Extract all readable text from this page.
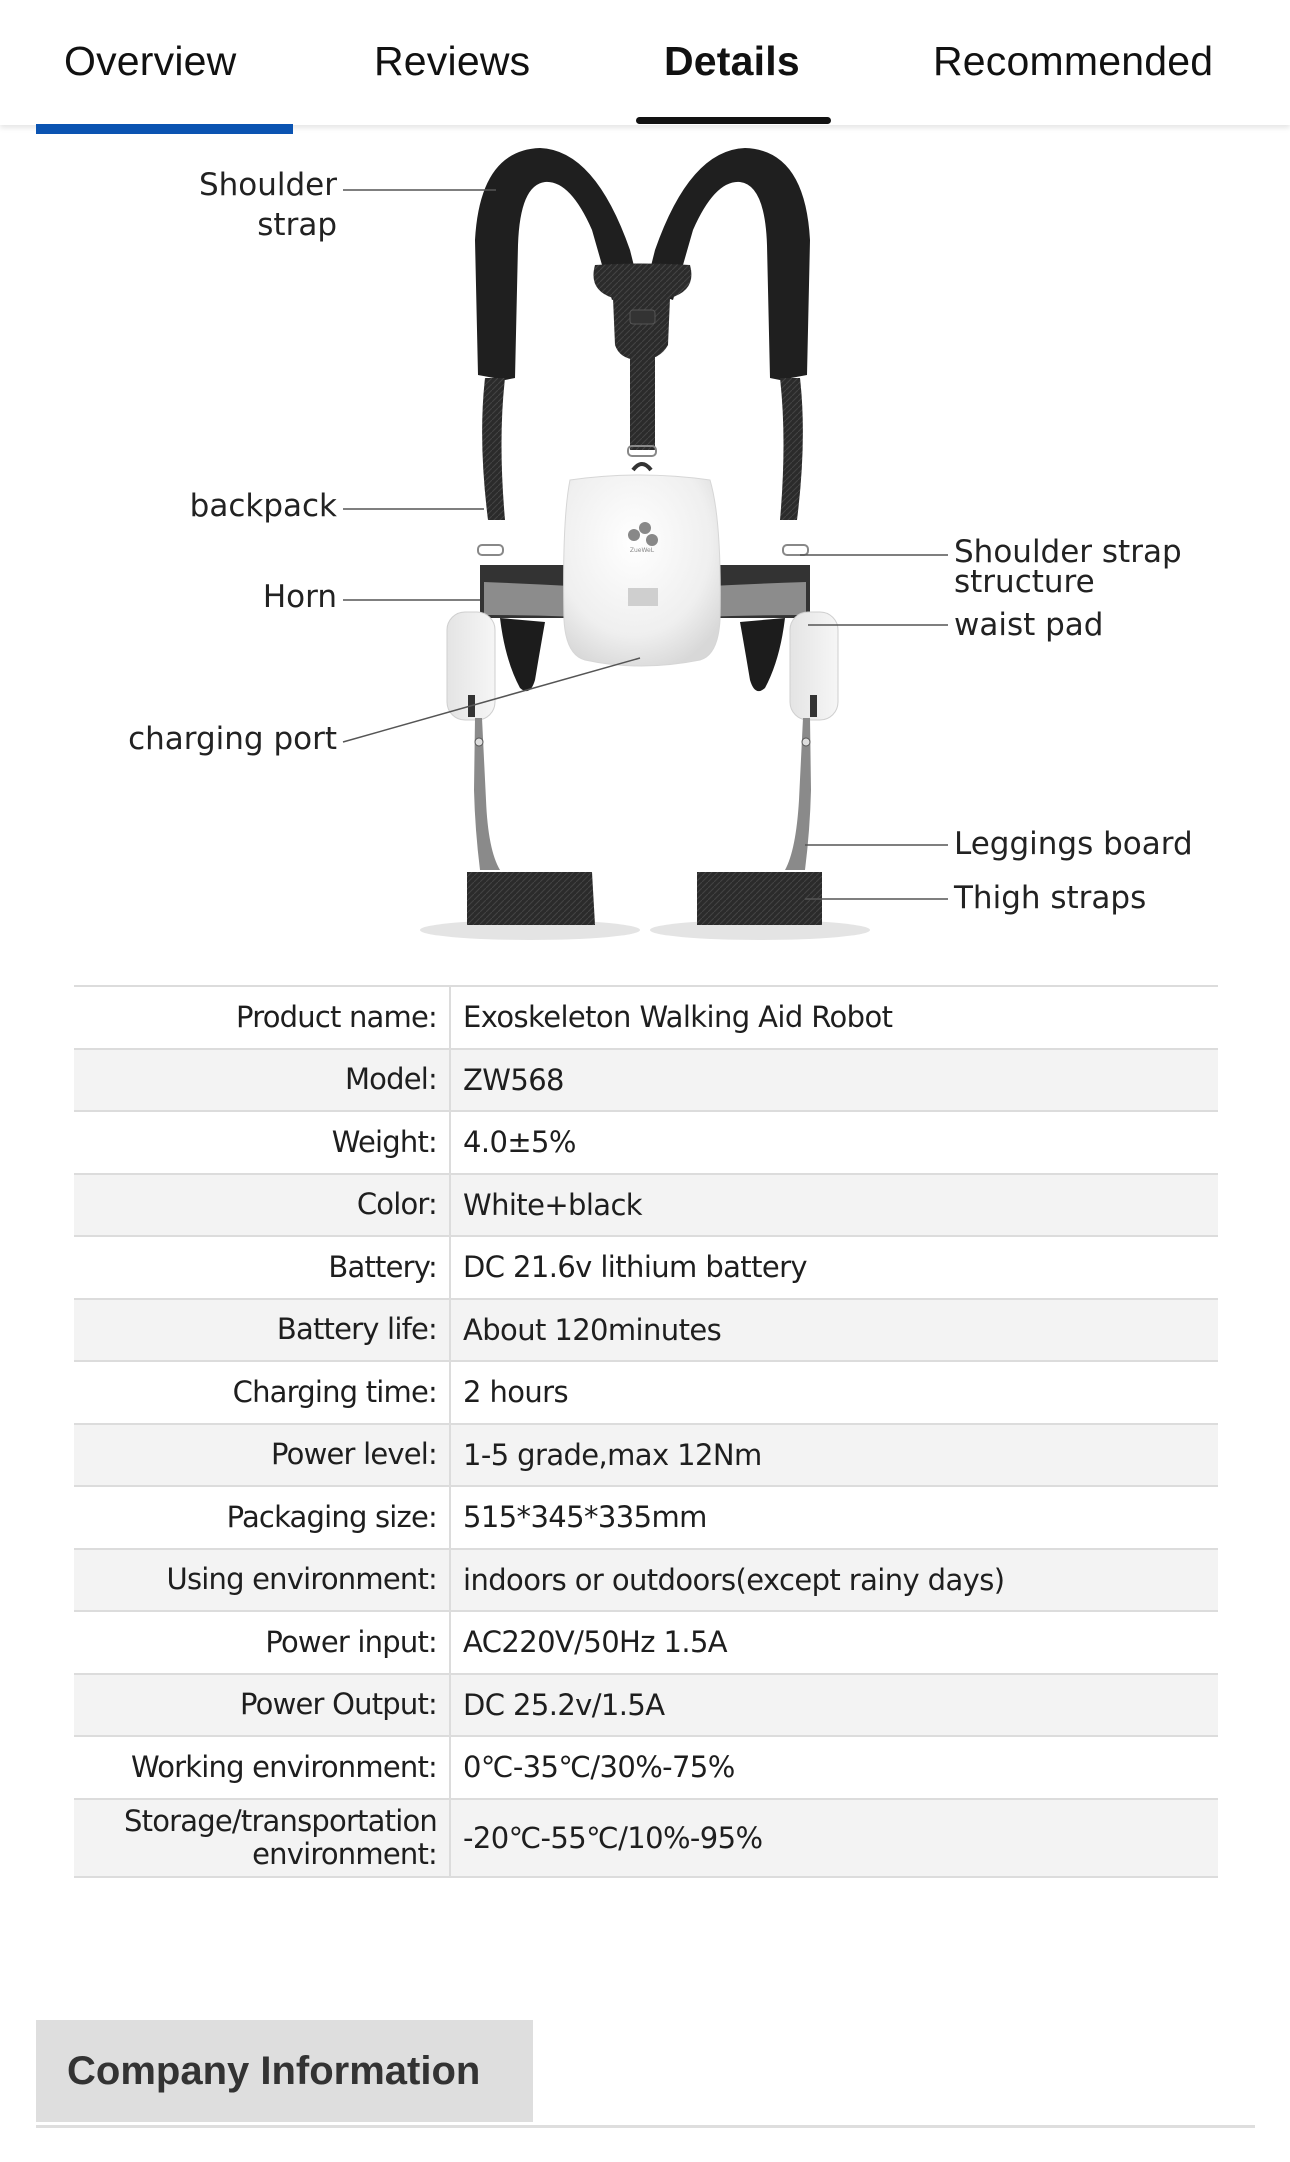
Overview	Reviews	Details	Recommended
ZueWeL
Shoulder
strap
backpack
Horn
charging port
Shoulder strap
structure
waist pad
Leggings board
Thigh straps
Product name: Exoskeleton Walking Aid Robot
Model: ZW568
Weight: 4.0±5%
Color: White+black
Battery: DC 21.6v lithium battery
Battery life: About 120minutes
Charging time: 2 hours
Power level: 1-5 grade,max 12Nm
Packaging size: 515*345*335mm
Using environment: indoors or outdoors(except rainy days)
Power input: AC220V/50Hz 1.5A
Power Output: DC 25.2v/1.5A
Working environment: 0℃-35℃/30%-75%
Storage/transportation environment: -20℃-55℃/10%-95%
Company Information
